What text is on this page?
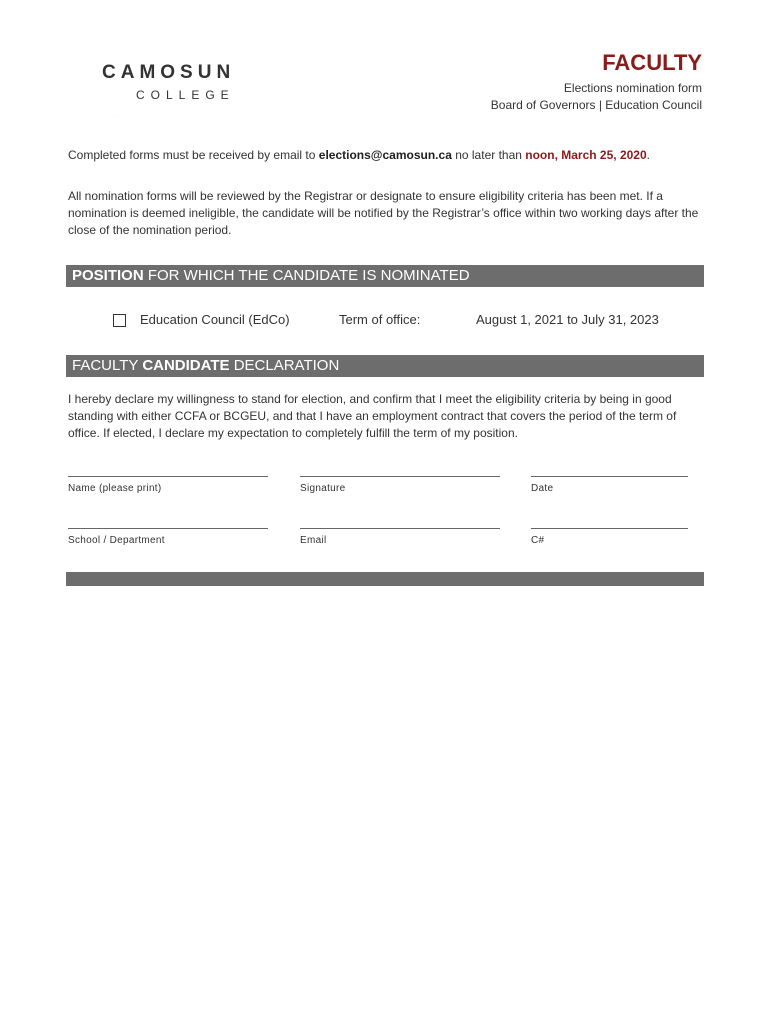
CAMOSUN
COLLEGE
FACULTY
Elections nomination form
Board of Governors | Education Council
Completed forms must be received by email to elections@camosun.ca no later than noon, March 25, 2020.
All nomination forms will be reviewed by the Registrar or designate to ensure eligibility criteria has been met. If a nomination is deemed ineligible, the candidate will be notified by the Registrar’s office within two working days after the close of the nomination period.
POSITION FOR WHICH THE CANDIDATE IS NOMINATED
Education Council (EdCo)	Term of office:	August 1, 2021 to July 31, 2023
FACULTY CANDIDATE DECLARATION
I hereby declare my willingness to stand for election, and confirm that I meet the eligibility criteria by being in good standing with either CCFA or BCGEU, and that I have an employment contract that covers the period of the term of office. If elected, I declare my expectation to completely fulfill the term of my position.
Name (please print)	Signature	Date
School / Department	Email	C#
